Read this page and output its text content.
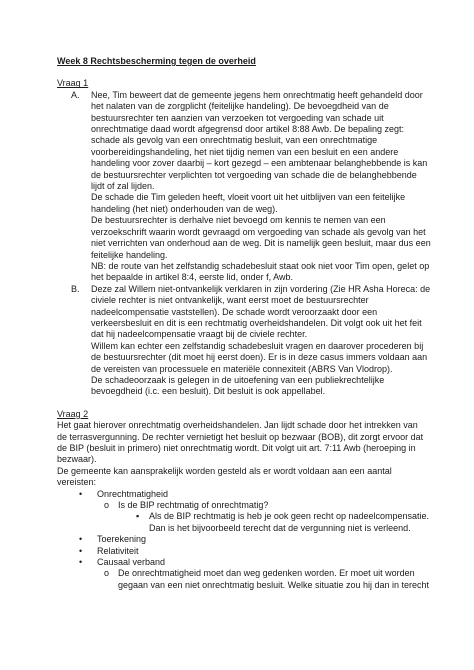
Week 8 Rechtsbescherming tegen de overheid
Vraag 1
A.	Nee, Tim beweert dat de gemeente jegens hem onrechtmatig heeft gehandeld door
het nalaten van de zorgplicht (feitelijke handeling). De bevoegdheid van de
bestuursrechter ten aanzien van verzoeken tot vergoeding van schade uit
onrechtmatige daad wordt afgegrensd door artikel 8:88 Awb. De bepaling zegt:
schade als gevolg van een onrechtmatig besluit, van een onrechtmatige
voorbereidingshandeling, het niet tijdig nemen van een besluit en een andere
handeling voor zover daarbij – kort gezegd – een ambtenaar belanghebbende is kan
de bestuursrechter verplichten tot vergoeding van schade die de belanghebbende
lijdt of zal lijden.
De schade die Tim geleden heeft, vloeit voort uit het uitblijven van een feitelijke
handeling (het niet) onderhouden van de weg).
De bestuursrechter is derhalve niet bevoegd om kennis te nemen van een
verzoekschrift waarin wordt gevraagd om vergoeding van schade als gevolg van het
niet verrichten van onderhoud aan de weg. Dit is namelijk geen besluit, maar dus een
feitelijke handeling.
NB: de route van het zelfstandig schadebesluit staat ook niet voor Tim open, gelet op
het bepaalde in artikel 8:4, eerste lid, onder f, Awb.
B.	Deze zal Willem niet-ontvankelijk verklaren in zijn vordering (Zie HR Asha Horeca: de
civiele rechter is niet ontvankelijk, want eerst moet de bestuursrechter
nadeelcompensatie vaststellen). De schade wordt veroorzaakt door een
verkeersbesluit en dit is een rechtmatig overheidshandelen. Dit volgt ook uit het feit
dat hij nadeelcompensatie vraagt bij de civiele rechter.
Willem kan echter een zelfstandig schadebesluit vragen en daarover procederen bij
de bestuursrechter (dit moet hij eerst doen). Er is in deze casus immers voldaan aan
de vereisten van processuele en materiële connexiteit (ABRS Van Vlodrop).
De schadeoorzaak is gelegen in de uitoefening van een publiekrechtelijke
bevoegdheid (i.c. een besluit). Dit besluit is ook appellabel.
Vraag 2
Het gaat hierover onrechtmatig overheidshandelen. Jan lijdt schade door het intrekken van
de terrasvergunning. De rechter vernietigt het besluit op bezwaar (BOB), dit zorgt ervoor dat
de BIP (besluit in primero) niet onrechtmatig wordt. Dit volgt uit art. 7:11 Awb (heroeping in
bezwaar).
De gemeente kan aansprakelijk worden gesteld als er wordt voldaan aan een aantal
vereisten:
•	Onrechtmatigheid
o Is de BIP rechtmatig of onrechtmatig?
▪	Als de BIP rechtmatig is heb je ook geen recht op nadeelcompensatie.
Dan is het bijvoorbeeld terecht dat de vergunning niet is verleend.
•	Toerekening
•	Relativiteit
•	Causaal verband
o De onrechtmatigheid moet dan weg gedenken worden. Er moet uit worden
gegaan van een niet onrechtmatig besluit. Welke situatie zou hij dan in terecht
